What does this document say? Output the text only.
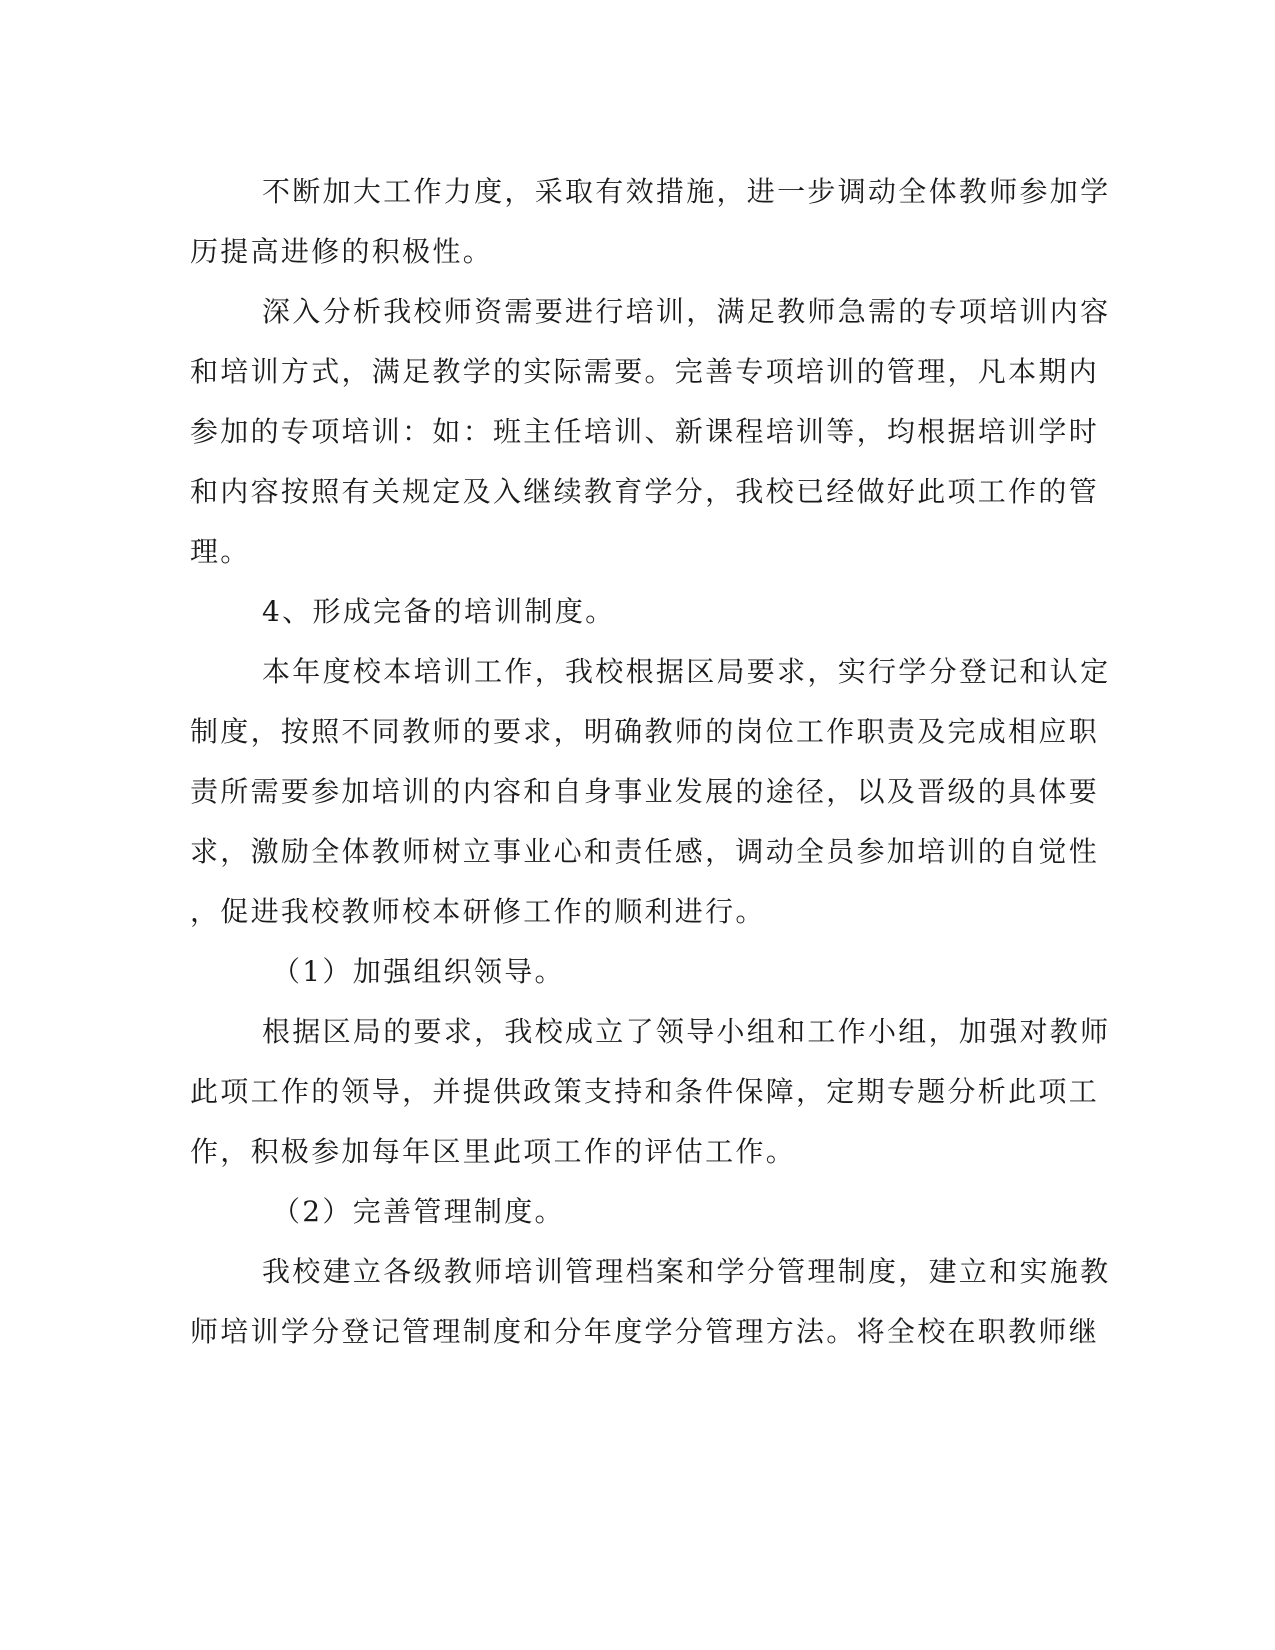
不断加大工作力度，采取有效措施，进一步调动全体教师参加学
历提高进修的积极性。

深入分析我校师资需要进行培训，满足教师急需的专项培训内容
和培训方式，满足教学的实际需要。完善专项培训的管理，凡本期内
参加的专项培训：如：班主任培训、新课程培训等，均根据培训学时
和内容按照有关规定及入继续教育学分，我校已经做好此项工作的管
理。

4、形成完备的培训制度。

本年度校本培训工作，我校根据区局要求，实行学分登记和认定
制度，按照不同教师的要求，明确教师的岗位工作职责及完成相应职
责所需要参加培训的内容和自身事业发展的途径，以及晋级的具体要
求，激励全体教师树立事业心和责任感，调动全员参加培训的自觉性
，促进我校教师校本研修工作的顺利进行。

（1）加强组织领导。

根据区局的要求，我校成立了领导小组和工作小组，加强对教师
此项工作的领导，并提供政策支持和条件保障，定期专题分析此项工
作，积极参加每年区里此项工作的评估工作。

（2）完善管理制度。

我校建立各级教师培训管理档案和学分管理制度，建立和实施教
师培训学分登记管理制度和分年度学分管理方法。将全校在职教师继
